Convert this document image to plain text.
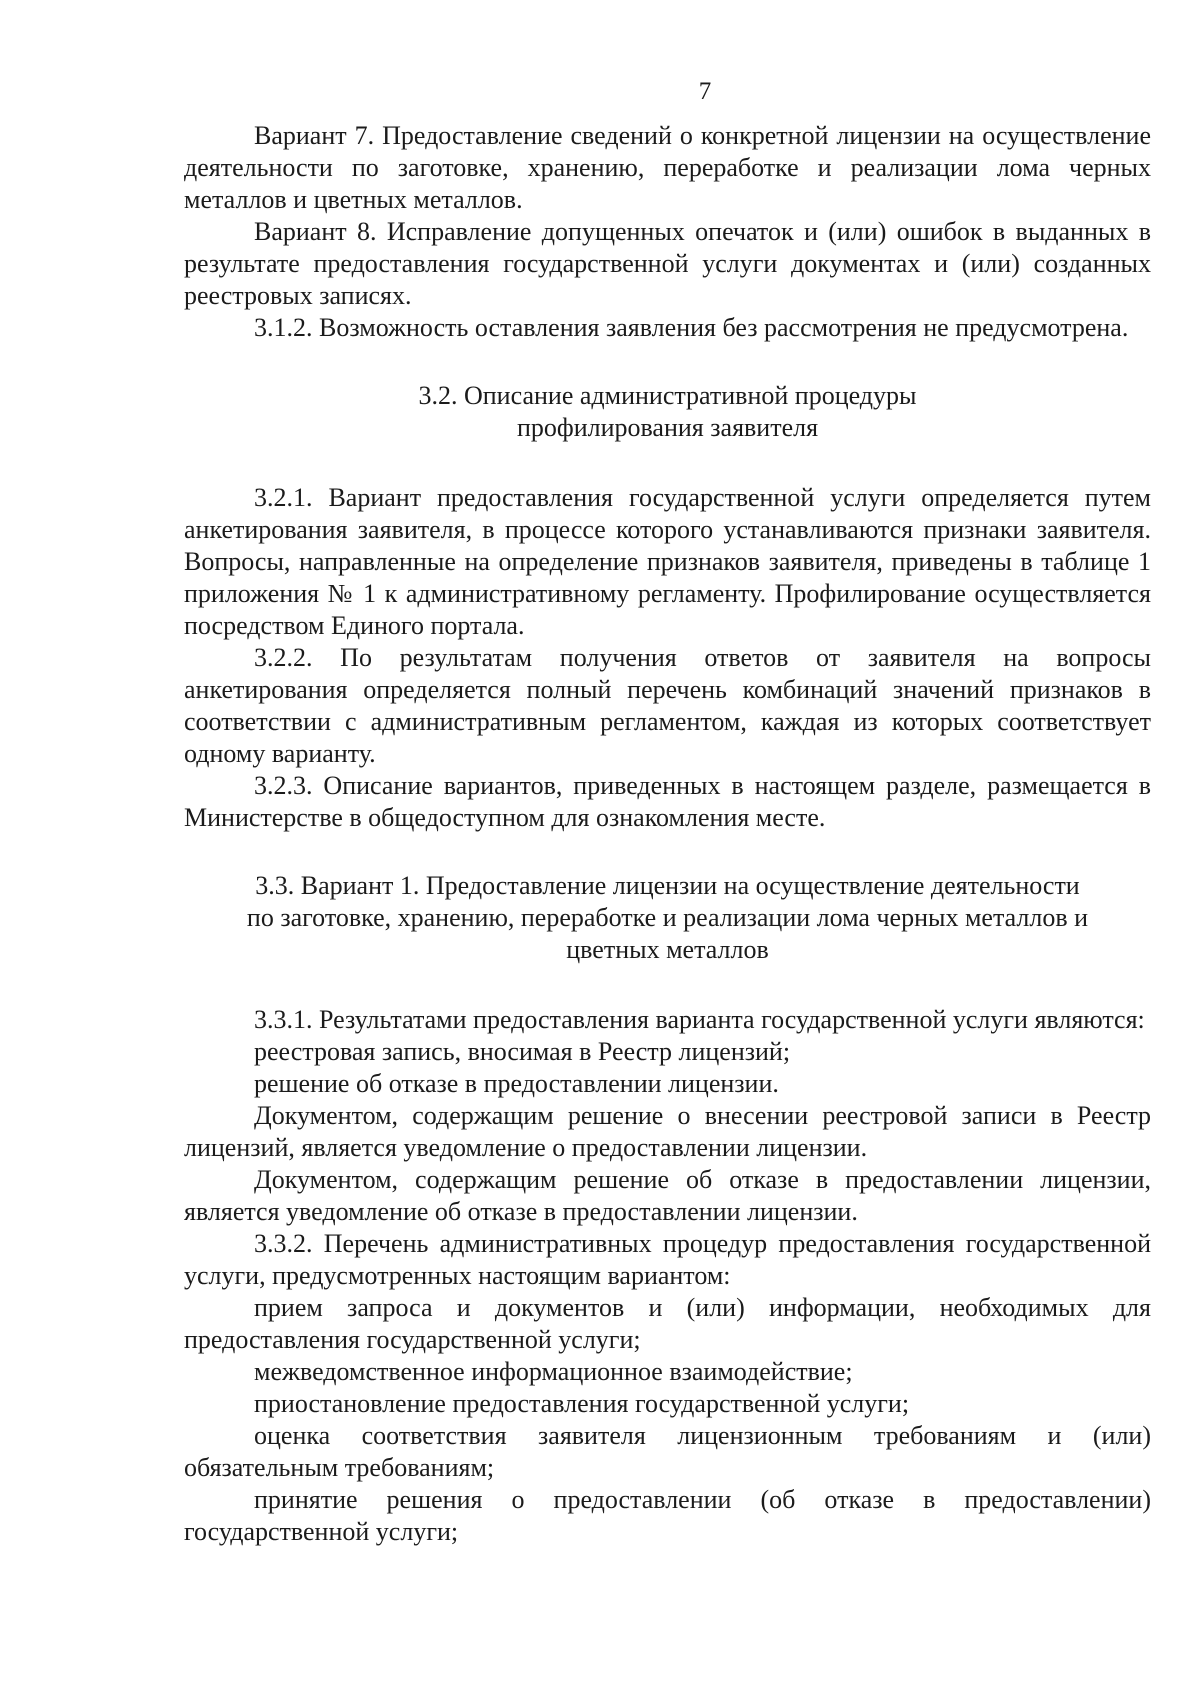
7

Вариант 7. Предоставление сведений о конкретной лицензии на осуществление деятельности по заготовке, хранению, переработке и реализации лома черных металлов и цветных металлов.

Вариант 8. Исправление допущенных опечаток и (или) ошибок в выданных в результате предоставления государственной услуги документах и (или) созданных реестровых записях.

3.1.2. Возможность оставления заявления без рассмотрения не предусмотрена.

3.2. Описание административной процедуры
профилирования заявителя

3.2.1. Вариант предоставления государственной услуги определяется путем анкетирования заявителя, в процессе которого устанавливаются признаки заявителя. Вопросы, направленные на определение признаков заявителя, приведены в таблице 1 приложения № 1 к административному регламенту. Профилирование осуществляется посредством Единого портала.

3.2.2. По результатам получения ответов от заявителя на вопросы анкетирования определяется полный перечень комбинаций значений признаков в соответствии с административным регламентом, каждая из которых соответствует одному варианту.

3.2.3. Описание вариантов, приведенных в настоящем разделе, размещается в Министерстве в общедоступном для ознакомления месте.

3.3. Вариант 1. Предоставление лицензии на осуществление деятельности
по заготовке, хранению, переработке и реализации лома черных металлов и
цветных металлов

3.3.1. Результатами предоставления варианта государственной услуги являются:

реестровая запись, вносимая в Реестр лицензий;

решение об отказе в предоставлении лицензии.

Документом, содержащим решение о внесении реестровой записи в Реестр лицензий, является уведомление о предоставлении лицензии.

Документом, содержащим решение об отказе в предоставлении лицензии, является уведомление об отказе в предоставлении лицензии.

3.3.2. Перечень административных процедур предоставления государственной услуги, предусмотренных настоящим вариантом:

прием запроса и документов и (или) информации, необходимых для предоставления государственной услуги;

межведомственное информационное взаимодействие;

приостановление предоставления государственной услуги;

оценка соответствия заявителя лицензионным требованиям и (или) обязательным требованиям;

принятие решения о предоставлении (об отказе в предоставлении) государственной услуги;
